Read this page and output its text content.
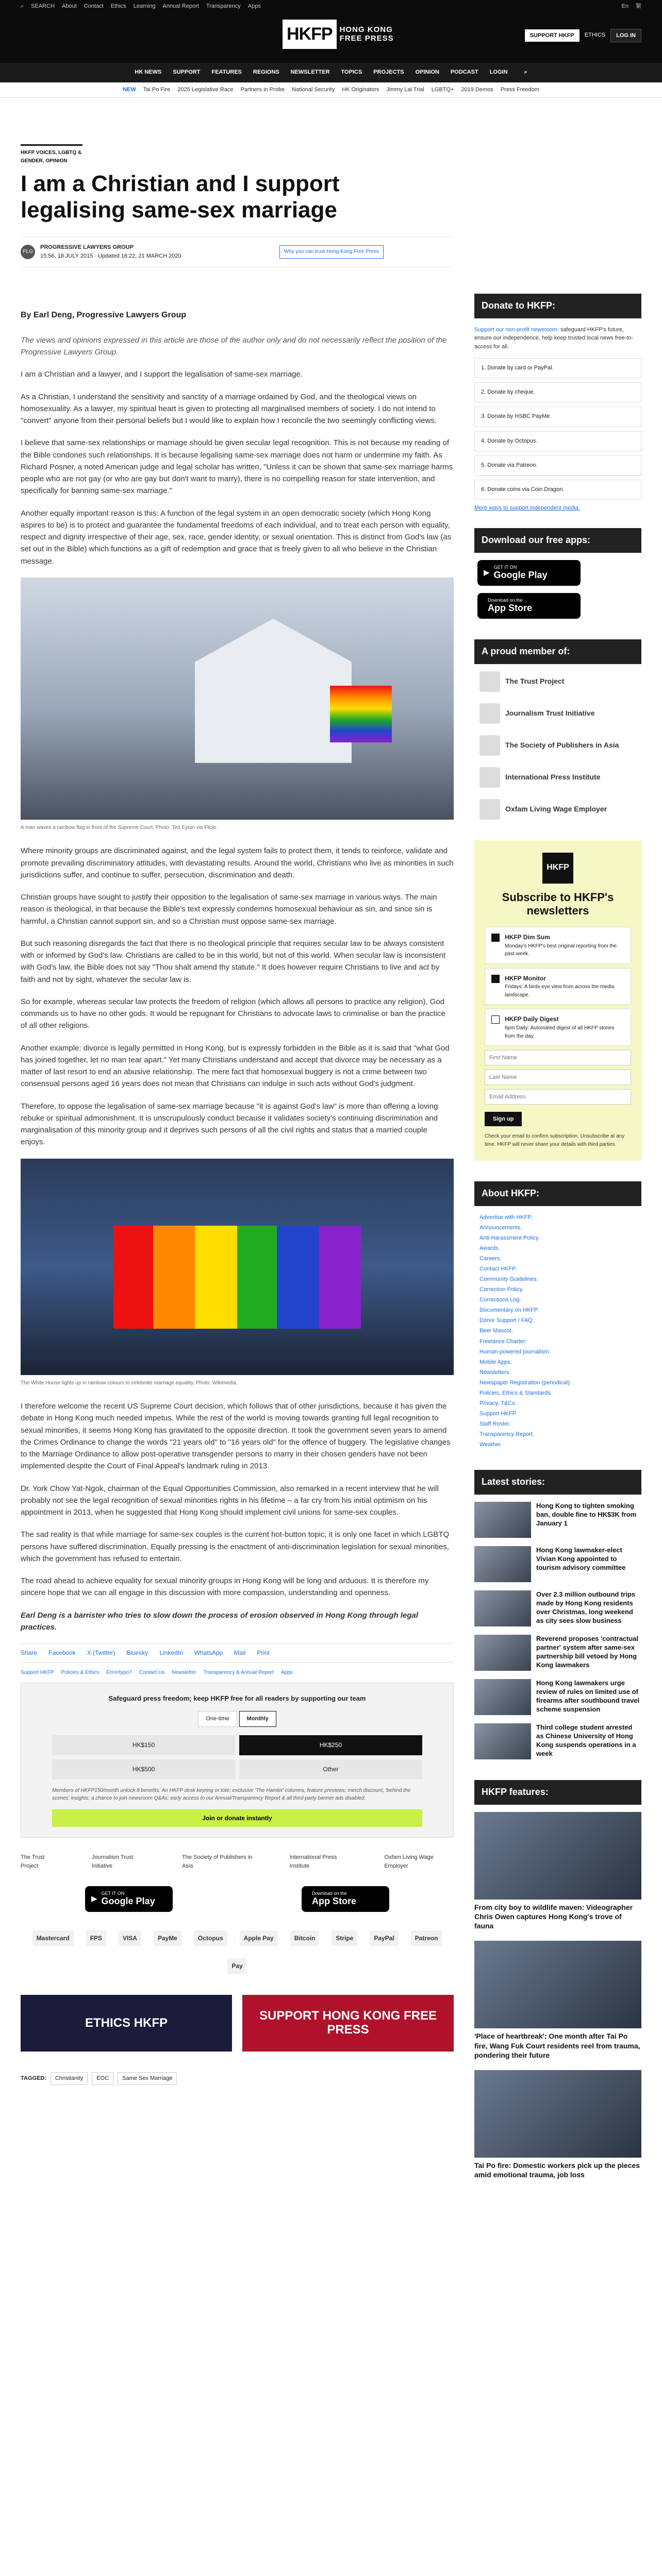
⌕ SEARCH About Contact Ethics Learning Annual Report Transparency Apps	En 繁
HKFP HONG KONG
FREE PRESS	SUPPORT HKFP	ETHICS	LOG IN
HK NEWS SUPPORT FEATURES REGIONS NEWSLETTER TOPICS PROJECTS OPINION PODCAST LOGIN	⌕
NEW Tai Po Fire 2025 Legislative Race Partners in Probe National Security HK Originators Jimmy Lai Trial LGBTQ+ 2019 Demos Press Freedom
HKFP VOICES, LGBTQ & GENDER, OPINION
I am a Christian and I support legalising same-sex marriage
PLG
PROGRESSIVE LAWYERS GROUP
15:56, 18 JULY 2015 · Updated 16:22, 21 MARCH 2020
Why you can trust Hong Kong Free Press
By Earl Deng, Progressive Lawyers Group

The views and opinions expressed in this article are those of the author only and do not necessarily reflect the position of the Progressive Lawyers Group.

I am a Christian and a lawyer, and I support the legalisation of same-sex marriage.

As a Christian, I understand the sensitivity and sanctity of a marriage ordained by God, and the theological views on homosexuality. As a lawyer, my spiritual heart is given to protecting all marginalised members of society. I do not intend to "convert" anyone from their personal beliefs but I would like to explain how I reconcile the two seemingly conflicting views.

I believe that same-sex relationships or marriage should be given secular legal recognition. This is not because my reading of the Bible condones such relationships. It is because legalising same-sex marriage does not harm or undermine my faith. As Richard Posner, a noted American judge and legal scholar has written, "Unless it can be shown that same-sex marriage harms people who are not gay (or who are gay but don't want to marry), there is no compelling reason for state intervention, and specifically for banning same-sex marriage."

Another equally important reason is this: A function of the legal system in an open democratic society (which Hong Kong aspires to be) is to protect and guarantee the fundamental freedoms of each individual, and to treat each person with equality, respect and dignity irrespective of their age, sex, race, gender identity, or sexual orientation. This is distinct from God's law (as set out in the Bible) which functions as a gift of redemption and grace that is freely given to all who believe in the Christian message.

A man waves a rainbow flag in front of the Supreme Court. Photo: Ted Eytan via Flickr.

Where minority groups are discriminated against, and the legal system fails to protect them, it tends to reinforce, validate and promote prevailing discriminatory attitudes, with devastating results. Around the world, Christians who live as minorities in such jurisdictions suffer, and continue to suffer, persecution, discrimination and death.

Christian groups have sought to justify their opposition to the legalisation of same-sex marriage in various ways. The main reason is theological, in that because the Bible's text expressly condemns homosexual behaviour as sin, and since sin is harmful, a Christian cannot support sin, and so a Christian must oppose same-sex marriage.

But such reasoning disregards the fact that there is no theological principle that requires secular law to be always consistent with or informed by God's law. Christians are called to be in this world, but not of this world. When secular law is inconsistent with God's law, the Bible does not say "Thou shalt amend thy statute." It does however require Christians to live and act by faith and not by sight, whatever the secular law is.

So for example, whereas secular law protects the freedom of religion (which allows all persons to practice any religion), God commands us to have no other gods. It would be repugnant for Christians to advocate laws to criminalise or ban the practice of all other religions.

Another example: divorce is legally permitted in Hong Kong, but is expressly forbidden in the Bible as it is said that "what God has joined together, let no man tear apart." Yet many Christians understand and accept that divorce may be necessary as a matter of last resort to end an abusive relationship. The mere fact that homosexual buggery is not a crime between two consensual persons aged 16 years does not mean that Christians can indulge in such acts without God's judgment.

Therefore, to oppose the legalisation of same-sex marriage because "it is against God's law" is more than offering a loving rebuke or spiritual admonishment. It is unscrupulously conduct because it validates society's continuing discrimination and marginalisation of this minority group and it deprives such persons of all the civil rights and status that a married couple enjoys.

The White House lights up in rainbow colours to celebrate marriage equality. Photo: Wikimedia.

I therefore welcome the recent US Supreme Court decision, which follows that of other jurisdictions, because it has given the debate in Hong Kong much needed impetus. While the rest of the world is moving towards granting full legal recognition to sexual minorities, it seems Hong Kong has gravitated to the opposite direction. It took the government seven years to amend the Crimes Ordinance to change the words "21 years old" to "16 years old" for the offence of buggery. The legislative changes to the Marriage Ordinance to allow post-operative transgender persons to marry in their chosen genders have not been implemented despite the Court of Final Appeal's landmark ruling in 2013.

Dr. York Chow Yat-Ngok, chairman of the Equal Opportunities Commission, also remarked in a recent interview that he will probably not see the legal recognition of sexual minorities rights in his lifetime – a far cry from his initial optimism on his appointment in 2013, when he suggested that Hong Kong should implement civil unions for same-sex couples.

The sad reality is that while marriage for same-sex couples is the current hot-button topic, it is only one facet in which LGBTQ persons have suffered discrimination. Equally pressing is the enactment of anti-discrimination legislation for sexual minorities, which the government has refused to entertain.

The road ahead to achieve equality for sexual minority groups in Hong Kong will be long and arduous. It is therefore my sincere hope that we can all engage in this discussion with more compassion, understanding and openness.

Earl Deng is a barrister who tries to slow down the process of erosion observed in Hong Kong through legal practices.

Share Facebook X (Twitter) Bluesky LinkedIn WhatsApp Mail Print
Support HKFP Policies & Ethics Error/typo? Contact Us Newsletter Transparency & Annual Report Apps
Safeguard press freedom; keep HKFP free for all readers by supporting our team
One-time	Monthly
HK$150	HK$250
HK$500	Other
Members of HKFP150/month unlock 8 benefits: An HKFP desk keyring or tote; exclusive 'The Hamlet' columns, feature previews; merch discount, 'behind the scenes' insights; a chance to join newsroom Q&As; early access to our Annual/Transparency Report & all third-party banner ads disabled.
Join or donate instantly
The Trust Project
Journalism Trust Initiative
The Society of Publishers in Asia
International Press Institute
Oxfam Living Wage Employer
▶
GET IT ON
Google Play
Download on the
App Store
Mastercard	FPS	VISA	PayMe	Octopus	Apple Pay	Bitcoin	Stripe	PayPal	Patreon
Pay
ETHICS HKFP	SUPPORT HONG KONG FREE PRESS
TAGGED:	Christianity	EOC	Same Sex Marriage
Donate to HKFP:
Support our non-profit newsroom: safeguard HKFP's future, ensure our independence, help keep trusted local news free-to-access for all.
1. Donate by card or PayPal.
2. Donate by cheque.
3. Donate by HSBC PayMe.
4. Donate by Octopus.
5. Donate via Patreon.
6. Donate coins via Coin Dragon.
More ways to support independent media.
Download our free apps:
▶
GET IT ON
Google Play
Download on the
App Store
A proud member of:
The Trust Project
Journalism Trust Initiative
The Society of Publishers in Asia
International Press Institute
Oxfam Living Wage Employer
HKFP
Subscribe to HKFP's newsletters
HKFP Dim Sum
Monday's HKFP's best original reporting from the past week.
HKFP Monitor
Fridays: A birds-eye view from across the media landscape.
HKFP Daily Digest
6pm Daily: Automated digest of all HKFP stories from the day.
First Name
Last Name
Email Address Sign up
Check your email to confirm subscription. Unsubscribe at any time. HKFP will never share your details with third parties.
About HKFP:
Advertise with HKFP.
Announcements.
Anti-Harassment Policy.
Awards.
Careers.
Contact HKFP.
Community Guidelines.
Correction Policy.
Corrections Log.
Documentary on HKFP.
Donor Support / FAQ.
Beer Mascot.
Freelance Charter.
Human-powered journalism.
Mobile Apps.
Newsletters.
Newspaper Registration (periodical).
Policies, Ethics & Standards.
Privacy, T&Cs.
Support HKFP.
Staff Roster.
Transparency Report.
Weather.
Latest stories:
Hong Kong to tighten smoking ban, double fine to HK$3K from January 1
Hong Kong lawmaker-elect Vivian Kong appointed to tourism advisory committee
Over 2.3 million outbound trips made by Hong Kong residents over Christmas, long weekend as city sees slow business
Reverend proposes 'contractual partner' system after same-sex partnership bill vetoed by Hong Kong lawmakers
Hong Kong lawmakers urge review of rules on limited use of firearms after southbound travel scheme suspension
Third college student arrested as Chinese University of Hong Kong suspends operations in a week
HKFP features:
From city boy to wildlife maven: Videographer Chris Owen captures Hong Kong's trove of fauna
'Place of heartbreak': One month after Tai Po fire, Wang Fuk Court residents reel from trauma, pondering their future
Tai Po fire: Domestic workers pick up the pieces amid emotional trauma, job loss
